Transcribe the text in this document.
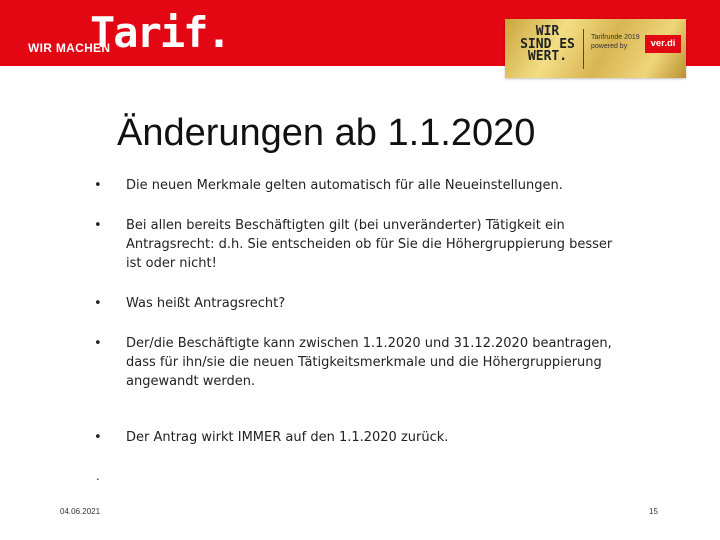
WIR MACHEN
Tarif.	WIR
SIND ES
WERT.
Tarifrunde 2019
powered by	ver.di
Änderungen ab 1.1.2020
•	Die neuen Merkmale gelten automatisch für alle Neueinstellungen.
•	Bei allen bereits Beschäftigten gilt (bei unveränderter) Tätigkeit ein Antragsrecht: d.h. Sie entscheiden ob für Sie die Höhergruppierung besser ist oder nicht!
•	Was heißt Antragsrecht?
•	Der/die Beschäftigte kann zwischen 1.1.2020 und 31.12.2020 beantragen, dass für ihn/sie die neuen Tätigkeitsmerkmale und die Höhergruppierung angewandt werden.
•	Der Antrag wirkt IMMER auf den 1.1.2020 zurück.
.
04.06.2021	15
